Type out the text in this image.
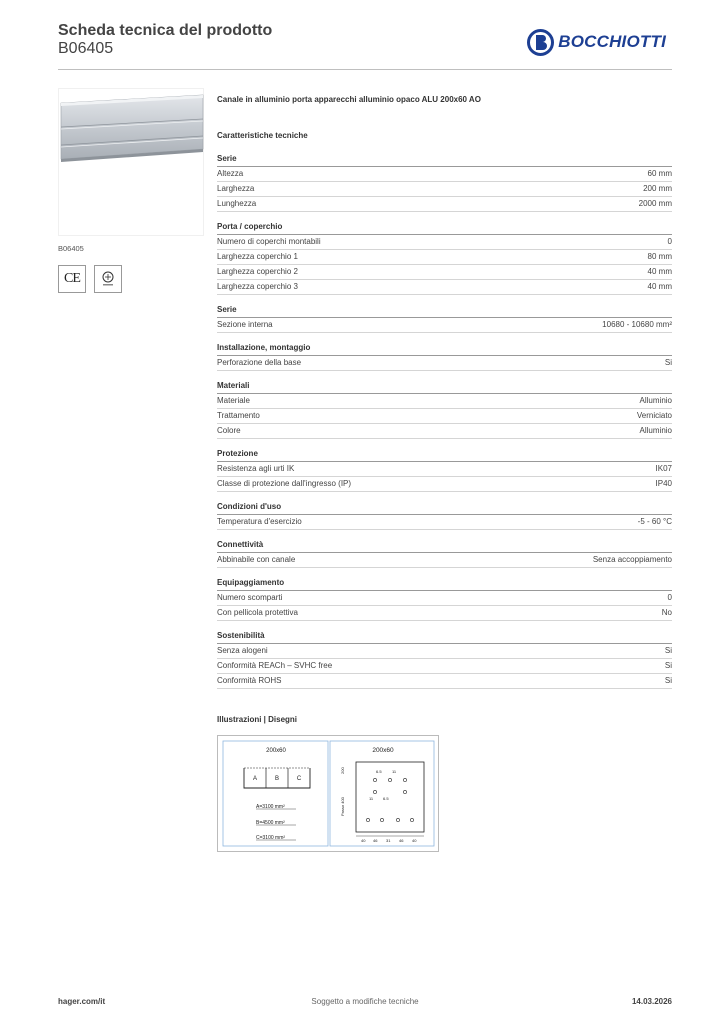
Scheda tecnica del prodotto
B06405	BOCCHIOTTI
B06405
CE
Canale in alluminio porta apparecchi alluminio opaco ALU 200x60 AO
Caratteristiche tecniche
Serie
Altezza	60 mm
Larghezza	200 mm
Lunghezza	2000 mm
Porta / coperchio
Numero di coperchi montabili	0
Larghezza coperchio 1	80 mm
Larghezza coperchio 2	40 mm
Larghezza coperchio 3	40 mm
Serie
Sezione interna	10680 - 10680 mm²
Installazione, montaggio
Perforazione della base	Si
Materiali
Materiale	Alluminio
Trattamento	Verniciato
Colore	Alluminio
Protezione
Resistenza agli urti IK	IK07
Classe di protezione dall'ingresso (IP)	IP40
Condizioni d'uso
Temperatura d'esercizio	-5 - 60 °C
Connettività
Abbinabile con canale	Senza accoppiamento
Equipaggiamento
Numero scomparti	0
Con pellicola protettiva	No
Sostenibilità
Senza alogeni	Si
Conformità REACh – SVHC free	Si
Conformità ROHS	Si
Illustrazioni | Disegni
200x60
A	B	C
A=3100 mm²
B=4500 mm²
C=3100 mm²
200x60
200
Passo 400
6.5	11
11 6.5
40 46 31 46 40
hager.com/it	Soggetto a modifiche tecniche	14.03.2026
